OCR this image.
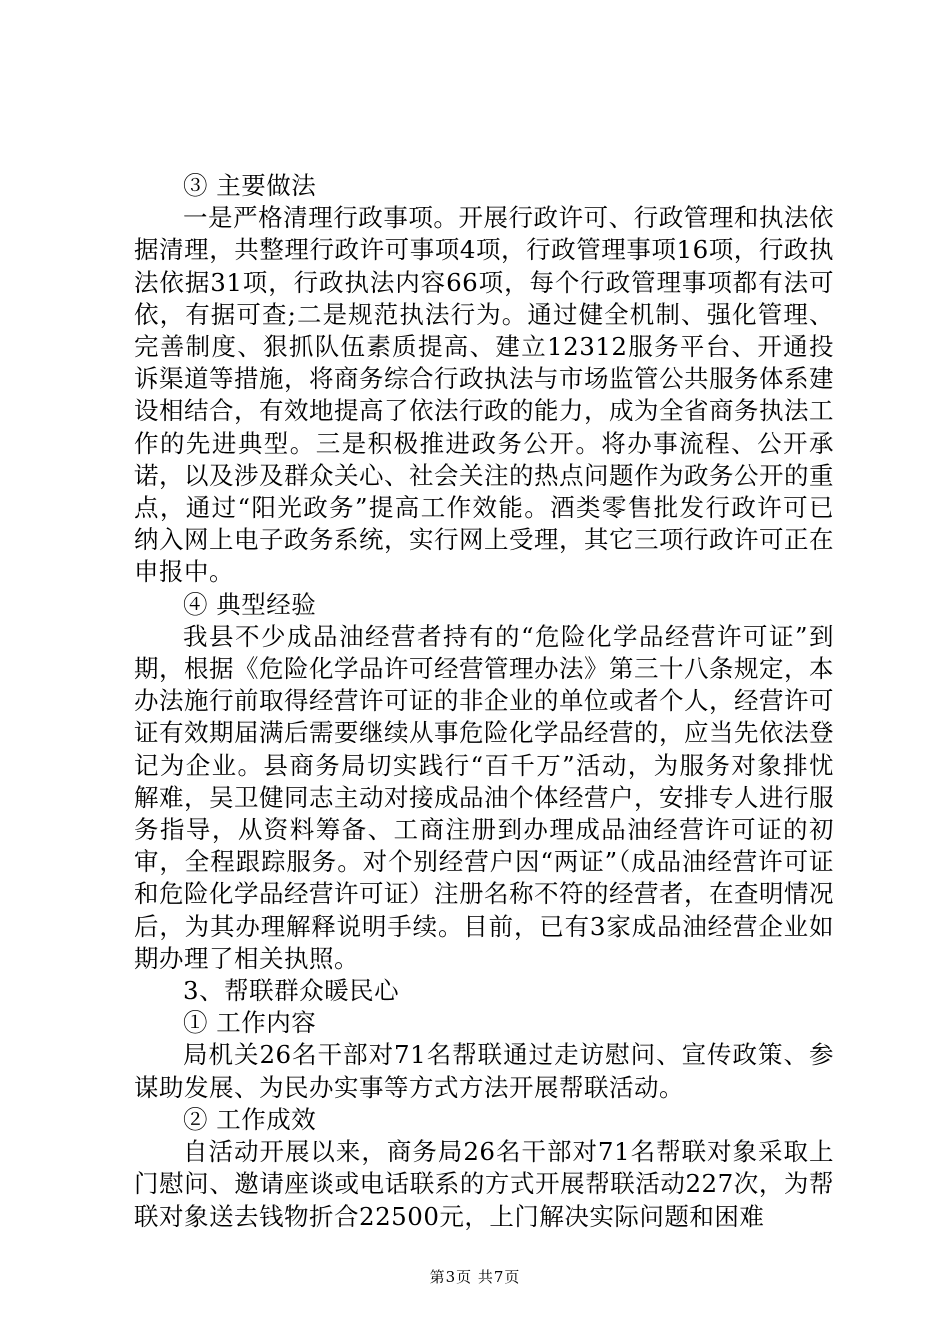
③ 主要做法

一是严格清理行政事项。开展行政许可、行政管理和执法依据清理，共整理行政许可事项4项，行政管理事项16项，行政执法依据31项，行政执法内容66项，每个行政管理事项都有法可依，有据可查;二是规范执法行为。通过健全机制、强化管理、完善制度、狠抓队伍素质提高、建立12312服务平台、开通投诉渠道等措施，将商务综合行政执法与市场监管公共服务体系建设相结合，有效地提高了依法行政的能力，成为全省商务执法工作的先进典型。三是积极推进政务公开。将办事流程、公开承诺，以及涉及群众关心、社会关注的热点问题作为政务公开的重点，通过“阳光政务”提高工作效能。酒类零售批发行政许可已纳入网上电子政务系统，实行网上受理，其它三项行政许可正在申报中。

④ 典型经验

我县不少成品油经营者持有的“危险化学品经营许可证”到期，根据《危险化学品许可经营管理办法》第三十八条规定，本办法施行前取得经营许可证的非企业的单位或者个人，经营许可证有效期届满后需要继续从事危险化学品经营的，应当先依法登记为企业。县商务局切实践行“百千万”活动，为服务对象排忧解难，吴卫健同志主动对接成品油个体经营户，安排专人进行服务指导，从资料筹备、工商注册到办理成品油经营许可证的初审，全程跟踪服务。对个别经营户因“两证”（成品油经营许可证和危险化学品经营许可证）注册名称不符的经营者，在查明情况后，为其办理解释说明手续。目前，已有3家成品油经营企业如期办理了相关执照。

3、帮联群众暖民心

① 工作内容

局机关26名干部对71名帮联通过走访慰问、宣传政策、参谋助发展、为民办实事等方式方法开展帮联活动。

② 工作成效

自活动开展以来，商务局26名干部对71名帮联对象采取上门慰问、邀请座谈或电话联系的方式开展帮联活动227次，为帮联对象送去钱物折合22500元，上门解决实际问题和困难

第3页 共7页
